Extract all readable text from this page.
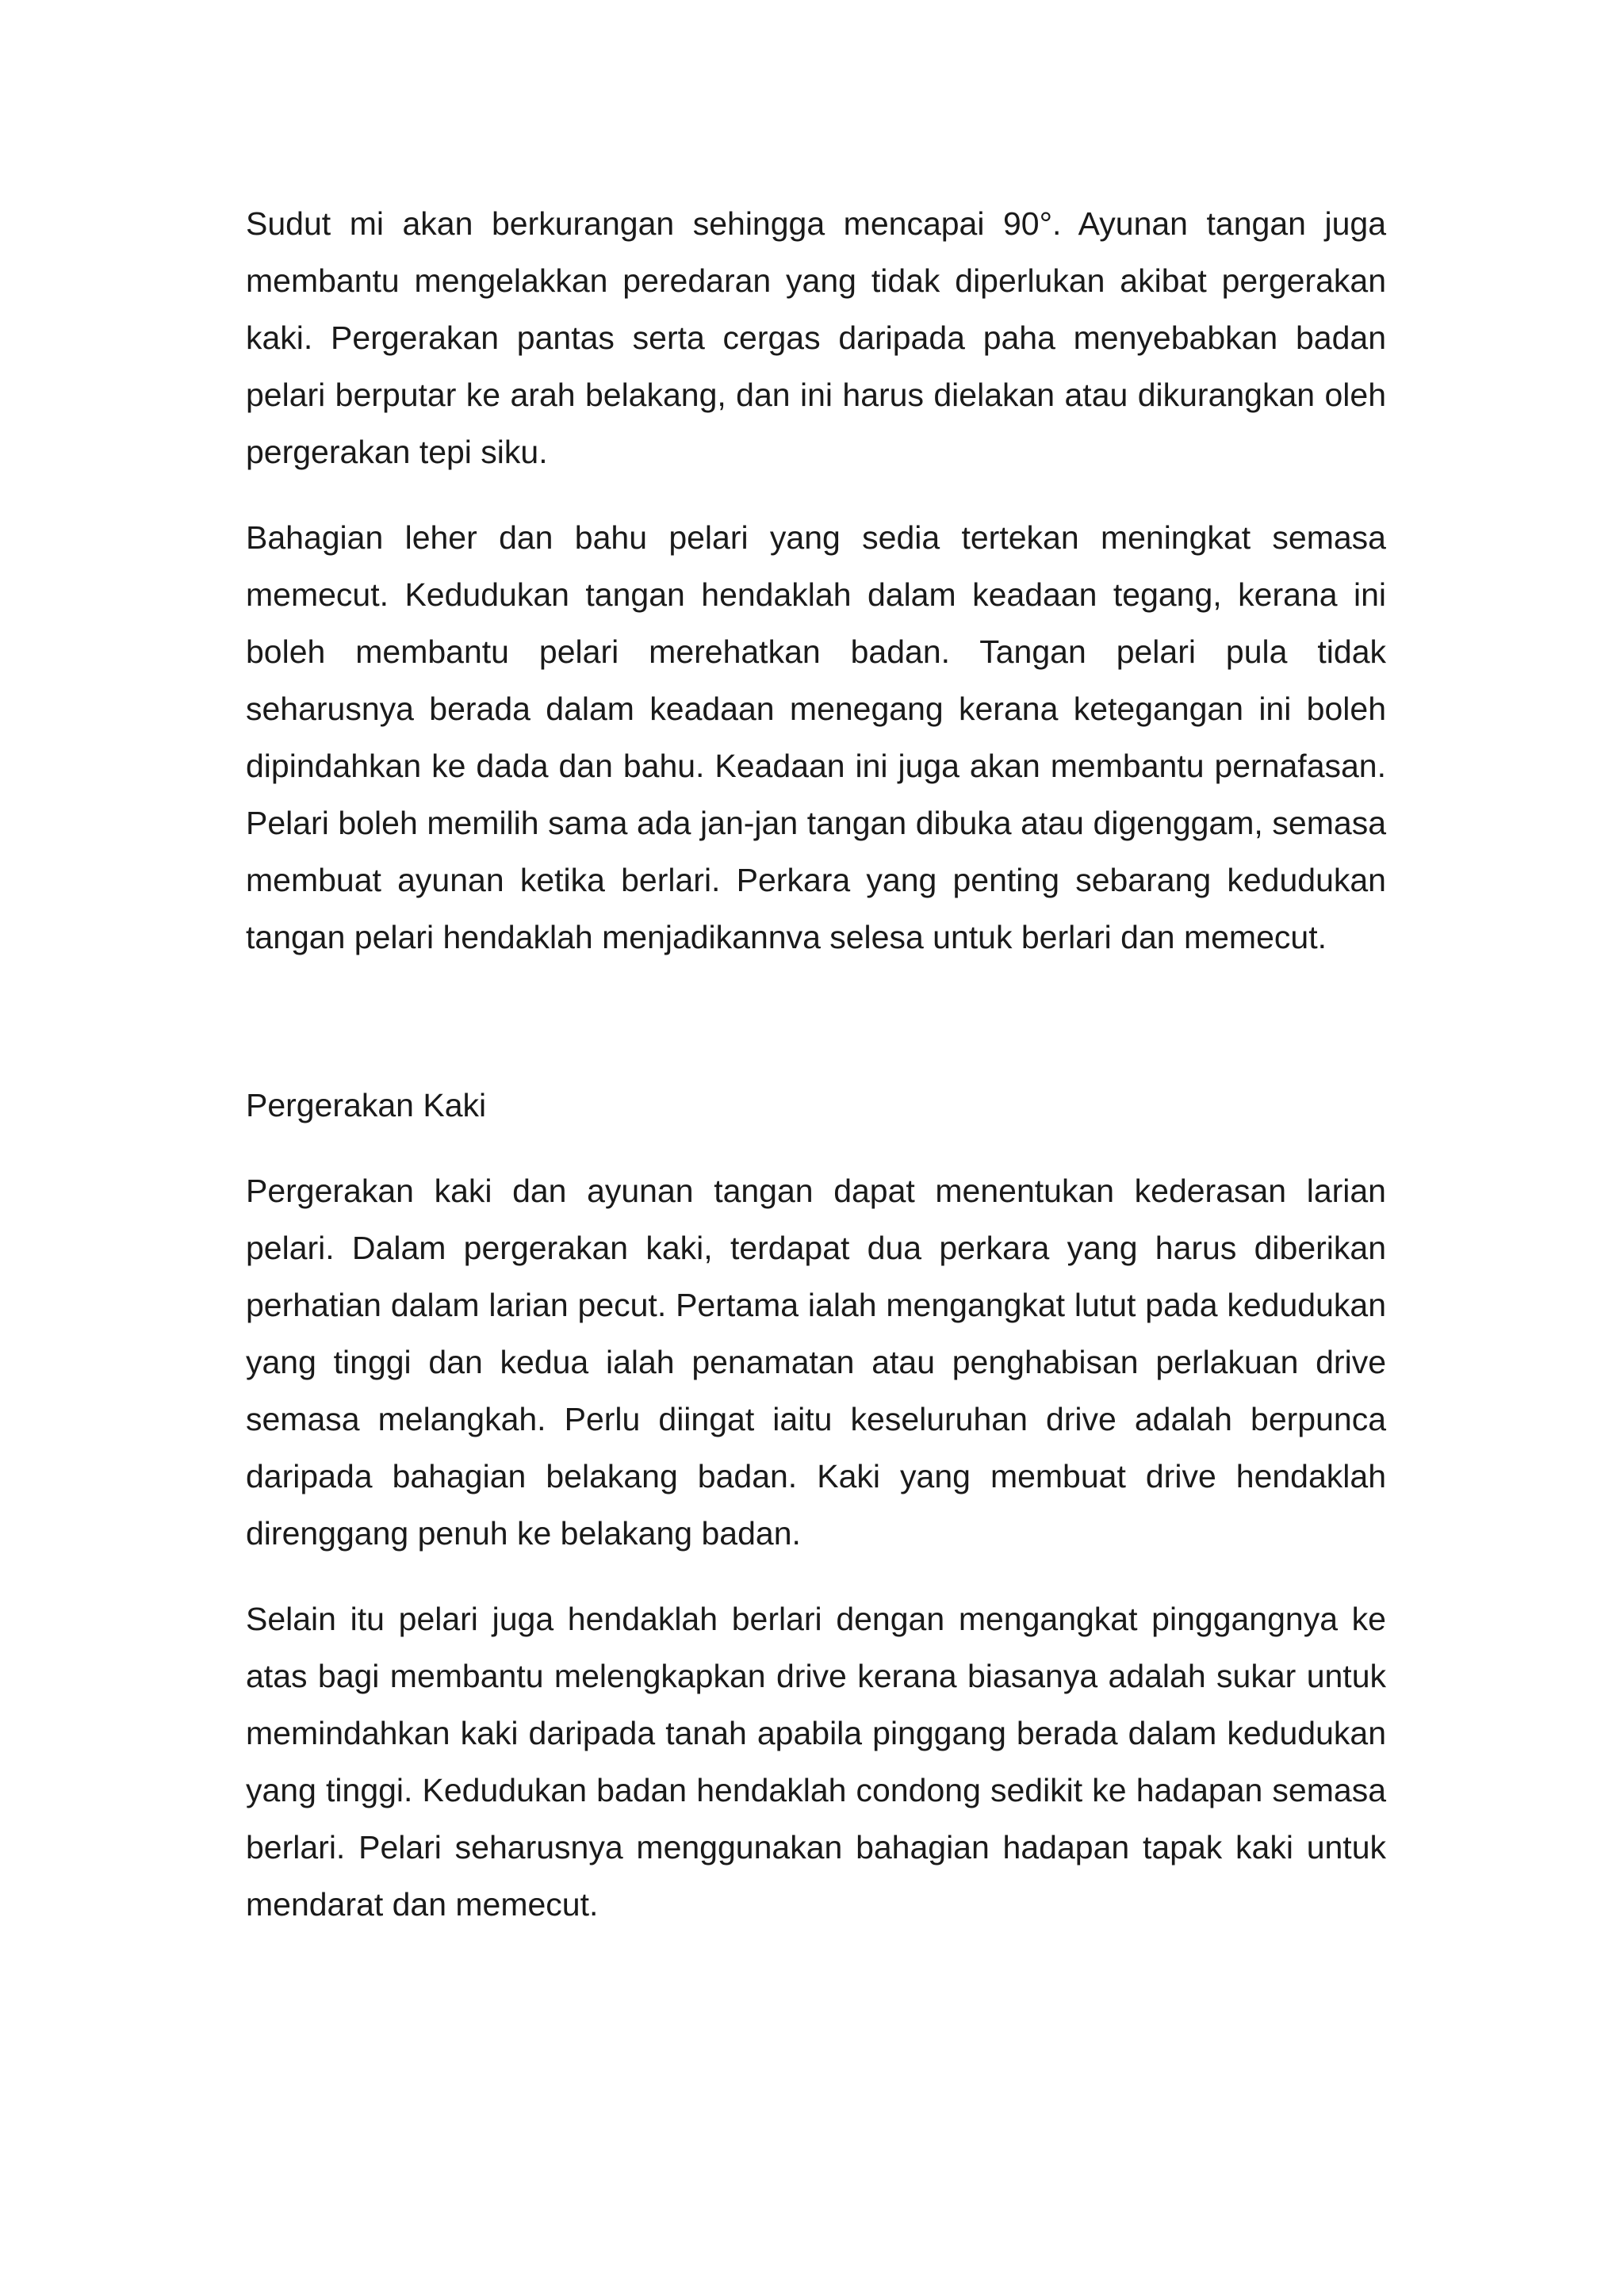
Sudut mi akan berkurangan sehingga mencapai 90°. Ayunan tangan juga membantu mengelakkan peredaran yang tidak diperlukan akibat pergerakan kaki. Pergerakan pantas serta cergas daripada paha menyebabkan badan pelari berputar ke arah belakang, dan ini harus dielakan atau dikurangkan oleh pergerakan tepi siku.

Bahagian leher dan bahu pelari yang sedia tertekan meningkat semasa memecut. Kedudukan tangan hendaklah dalam keadaan tegang, kerana ini boleh membantu pelari merehatkan badan. Tangan pelari pula tidak seharusnya berada dalam keadaan menegang kerana ketegangan ini boleh dipindahkan ke dada dan bahu. Keadaan ini juga akan membantu pernafasan. Pelari boleh memilih sama ada jan-jan tangan dibuka atau digenggam, semasa membuat ayunan ketika berlari. Perkara yang penting sebarang kedudukan tangan pelari hendaklah menjadikannva selesa untuk berlari dan memecut.

Pergerakan Kaki

Pergerakan kaki dan ayunan tangan dapat menentukan kederasan larian pelari. Dalam pergerakan kaki, terdapat dua perkara yang harus diberikan perhatian dalam larian pecut. Pertama ialah mengangkat lutut pada kedudukan yang tinggi dan kedua ialah penamatan atau penghabisan perlakuan drive semasa melangkah. Perlu diingat iaitu keseluruhan drive adalah berpunca daripada bahagian belakang badan. Kaki yang membuat drive hendaklah direnggang penuh ke belakang badan.

Selain itu pelari juga hendaklah berlari dengan mengangkat pinggangnya ke atas bagi membantu melengkapkan drive kerana biasanya adalah sukar untuk memindahkan kaki daripada tanah apabila pinggang berada dalam kedudukan yang tinggi. Kedudukan badan hendaklah condong sedikit ke hadapan semasa berlari. Pelari seharusnya menggunakan bahagian hadapan tapak kaki untuk mendarat dan memecut.
